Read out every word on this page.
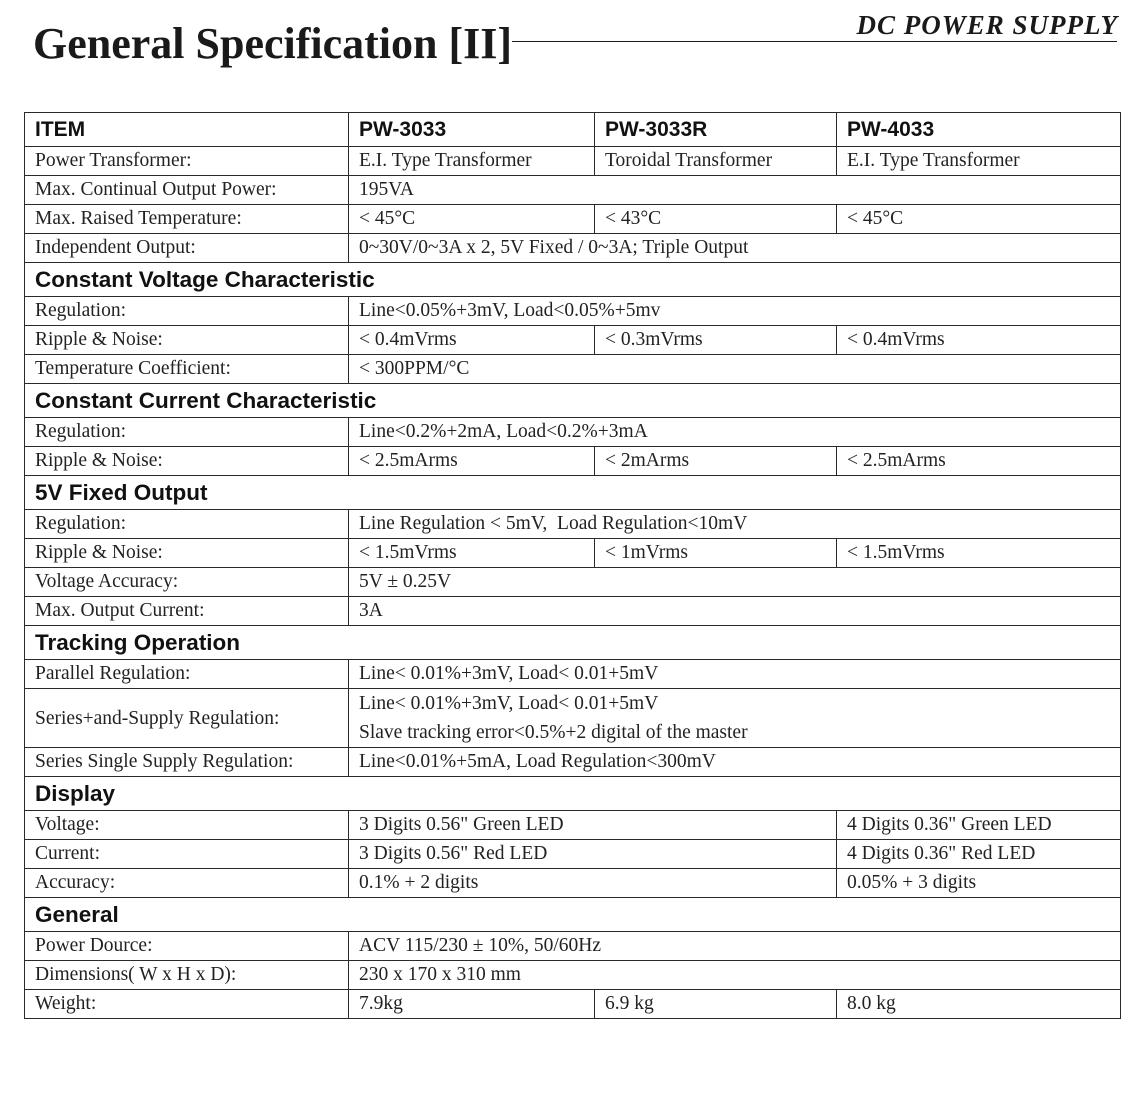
General Specification [II]	DC POWER SUPPLY
ITEM	PW-3033	PW-3033R	PW-4033
Power Transformer:	E.I. Type Transformer	Toroidal Transformer	E.I. Type Transformer
Max. Continual Output Power:	195VA		
Max. Raised Temperature:	< 45°C	< 43°C	< 45°C
Independent Output:	0~30V/0~3A x 2, 5V Fixed / 0~3A; Triple Output		
Constant Voltage Characteristic			
Regulation:	Line<0.05%+3mV, Load<0.05%+5mv		
Ripple & Noise:	< 0.4mVrms	< 0.3mVrms	< 0.4mVrms
Temperature Coefficient:	< 300PPM/°C		
Constant Current Characteristic			
Regulation:	Line<0.2%+2mA, Load<0.2%+3mA		
Ripple & Noise:	< 2.5mArms	< 2mArms	< 2.5mArms
5V Fixed Output			
Regulation:	Line Regulation < 5mV,  Load Regulation<10mV		
Ripple & Noise:	< 1.5mVrms	< 1mVrms	< 1.5mVrms
Voltage Accuracy:	5V ± 0.25V		
Max. Output Current:	3A		
Tracking Operation			
Parallel Regulation:	Line< 0.01%+3mV, Load< 0.01+5mV		
Series+and-Supply Regulation:	Line< 0.01%+3mV, Load< 0.01+5mV
Slave tracking error<0.5%+2 digital of the master		

Series Single Supply Regulation:	Line<0.01%+5mA, Load Regulation<300mV		
Display			
Voltage:	3 Digits 0.56" Green LED		4 Digits 0.36" Green LED
Current:	3 Digits 0.56" Red LED		4 Digits 0.36" Red LED
Accuracy:	0.1% + 2 digits		0.05% + 3 digits
General			
Power Dource:	ACV 115/230 ± 10%, 50/60Hz		
Dimensions( W x H x D):	230 x 170 x 310 mm		
Weight:	7.9kg	6.9 kg	8.0 kg
